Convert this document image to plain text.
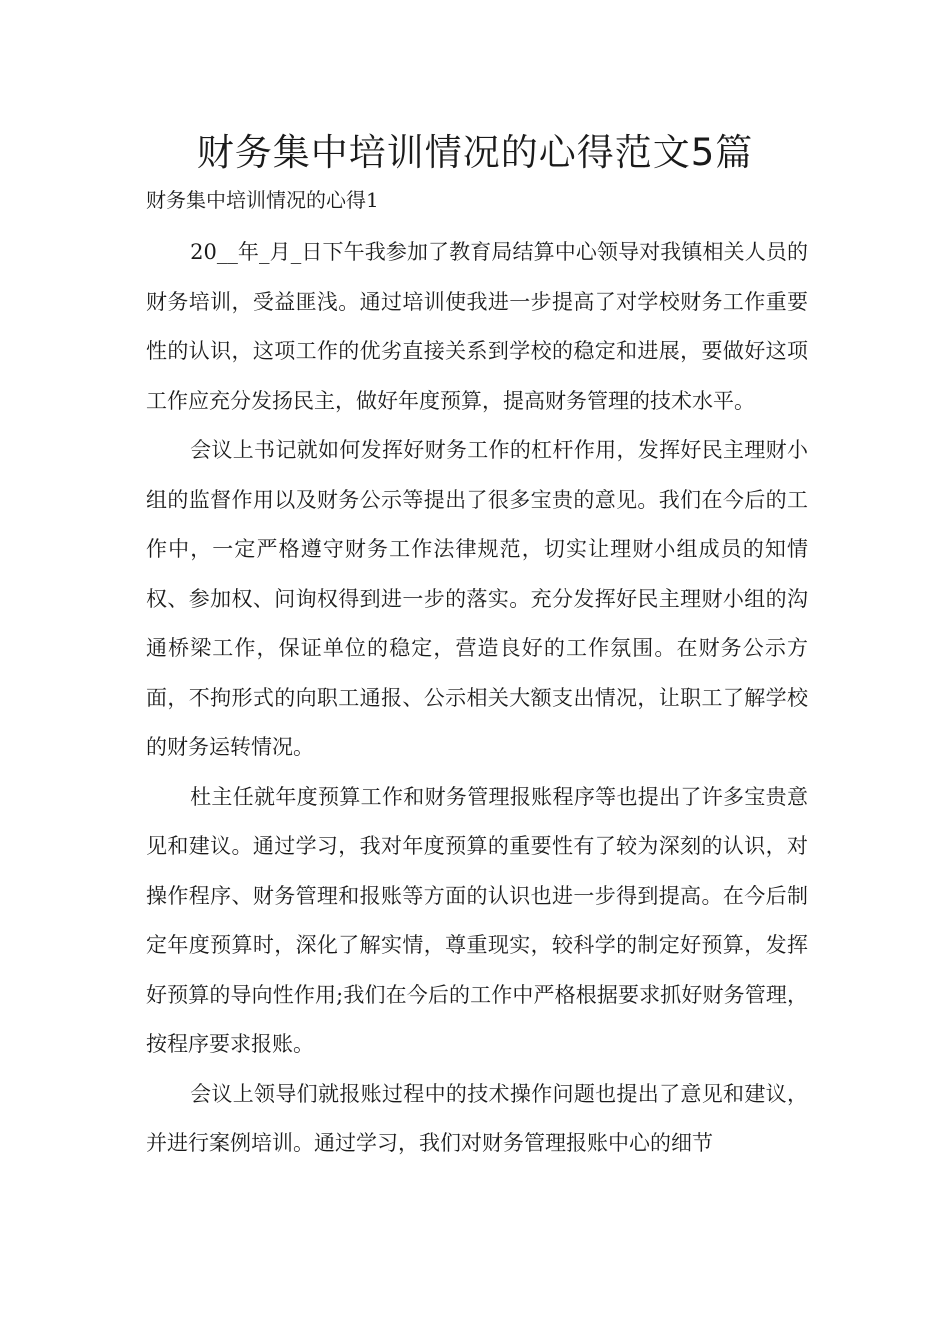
财务集中培训情况的心得范文5篇
财务集中培训情况的心得1

20__年_月_日下午我参加了教育局结算中心领导对我镇相关人员的财务培训，受益匪浅。通过培训使我进一步提高了对学校财务工作重要性的认识，这项工作的优劣直接关系到学校的稳定和进展，要做好这项工作应充分发扬民主，做好年度预算，提高财务管理的技术水平。

会议上书记就如何发挥好财务工作的杠杆作用，发挥好民主理财小组的监督作用以及财务公示等提出了很多宝贵的意见。我们在今后的工作中，一定严格遵守财务工作法律规范，切实让理财小组成员的知情权、参加权、问询权得到进一步的落实。充分发挥好民主理财小组的沟通桥梁工作，保证单位的稳定，营造良好的工作氛围。在财务公示方面，不拘形式的向职工通报、公示相关大额支出情况，让职工了解学校的财务运转情况。

杜主任就年度预算工作和财务管理报账程序等也提出了许多宝贵意见和建议。通过学习，我对年度预算的重要性有了较为深刻的认识，对操作程序、财务管理和报账等方面的认识也进一步得到提高。在今后制定年度预算时，深化了解实情，尊重现实，较科学的制定好预算，发挥好预算的导向性作用;我们在今后的工作中严格根据要求抓好财务管理，按程序要求报账。

会议上领导们就报账过程中的技术操作问题也提出了意见和建议，并进行案例培训。通过学习，我们对财务管理报账中心的细节
